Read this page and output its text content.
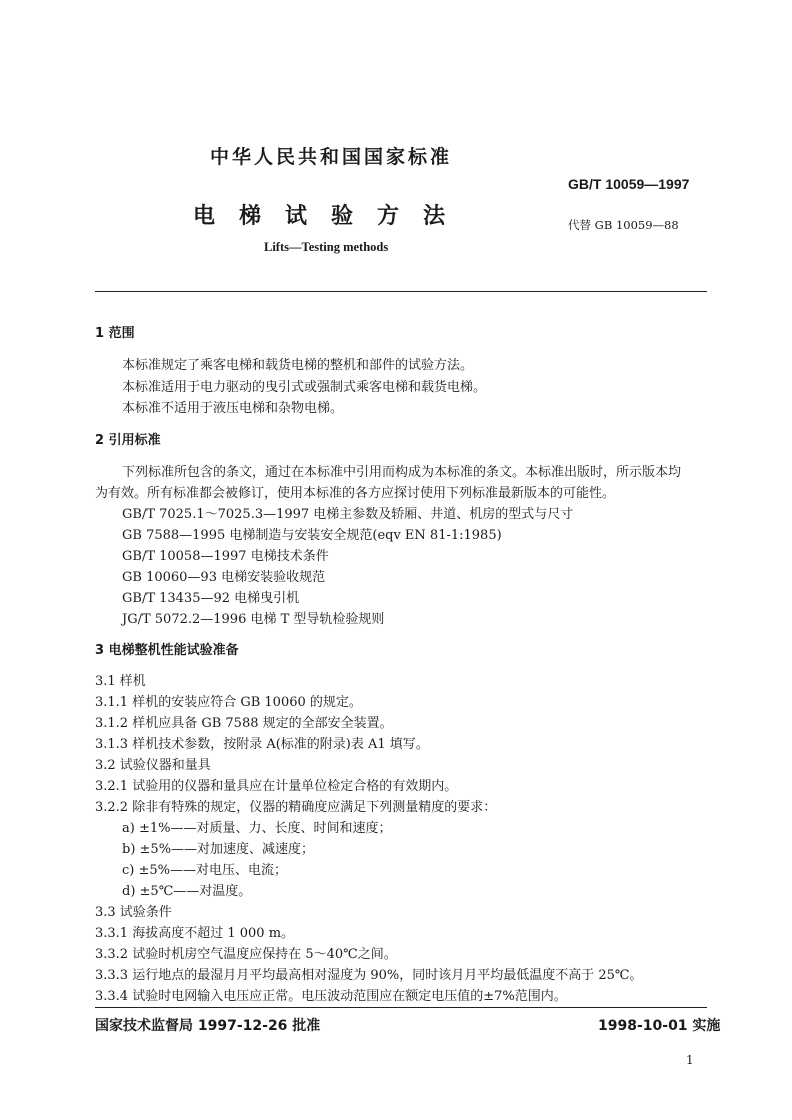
中华人民共和国国家标准
GB/T 10059—1997
电 梯 试 验 方 法	代替 GB 10059—88
Lifts—Testing methods
1 范围
本标准规定了乘客电梯和载货电梯的整机和部件的试验方法。
本标准适用于电力驱动的曳引式或强制式乘客电梯和载货电梯。
本标准不适用于液压电梯和杂物电梯。
2 引用标准
下列标准所包含的条文，通过在本标准中引用而构成为本标准的条文。本标准出版时，所示版本均
为有效。所有标准都会被修订，使用本标准的各方应探讨使用下列标准最新版本的可能性。
GB/T 7025.1～7025.3—1997 电梯主参数及轿厢、井道、机房的型式与尺寸
GB 7588—1995 电梯制造与安装安全规范(eqv EN 81-1:1985)
GB/T 10058—1997 电梯技术条件
GB 10060—93 电梯安装验收规范
GB/T 13435—92 电梯曳引机
JG/T 5072.2—1996 电梯 T 型导轨检验规则
3 电梯整机性能试验准备
3.1 样机
3.1.1 样机的安装应符合 GB 10060 的规定。
3.1.2 样机应具备 GB 7588 规定的全部安全装置。
3.1.3 样机技术参数，按附录 A(标准的附录)表 A1 填写。
3.2 试验仪器和量具
3.2.1 试验用的仪器和量具应在计量单位检定合格的有效期内。
3.2.2 除非有特殊的规定，仪器的精确度应满足下列测量精度的要求：
a) ±1%——对质量、力、长度、时间和速度；
b) ±5%——对加速度、减速度；
c) ±5%——对电压、电流；
d) ±5℃——对温度。
3.3 试验条件
3.3.1 海拔高度不超过 1 000 m。
3.3.2 试验时机房空气温度应保持在 5～40℃之间。
3.3.3 运行地点的最湿月月平均最高相对湿度为 90%，同时该月月平均最低温度不高于 25℃。
3.3.4 试验时电网输入电压应正常。电压波动范围应在额定电压值的±7%范围内。
国家技术监督局 1997-12-26 批准	1998-10-01 实施
1
